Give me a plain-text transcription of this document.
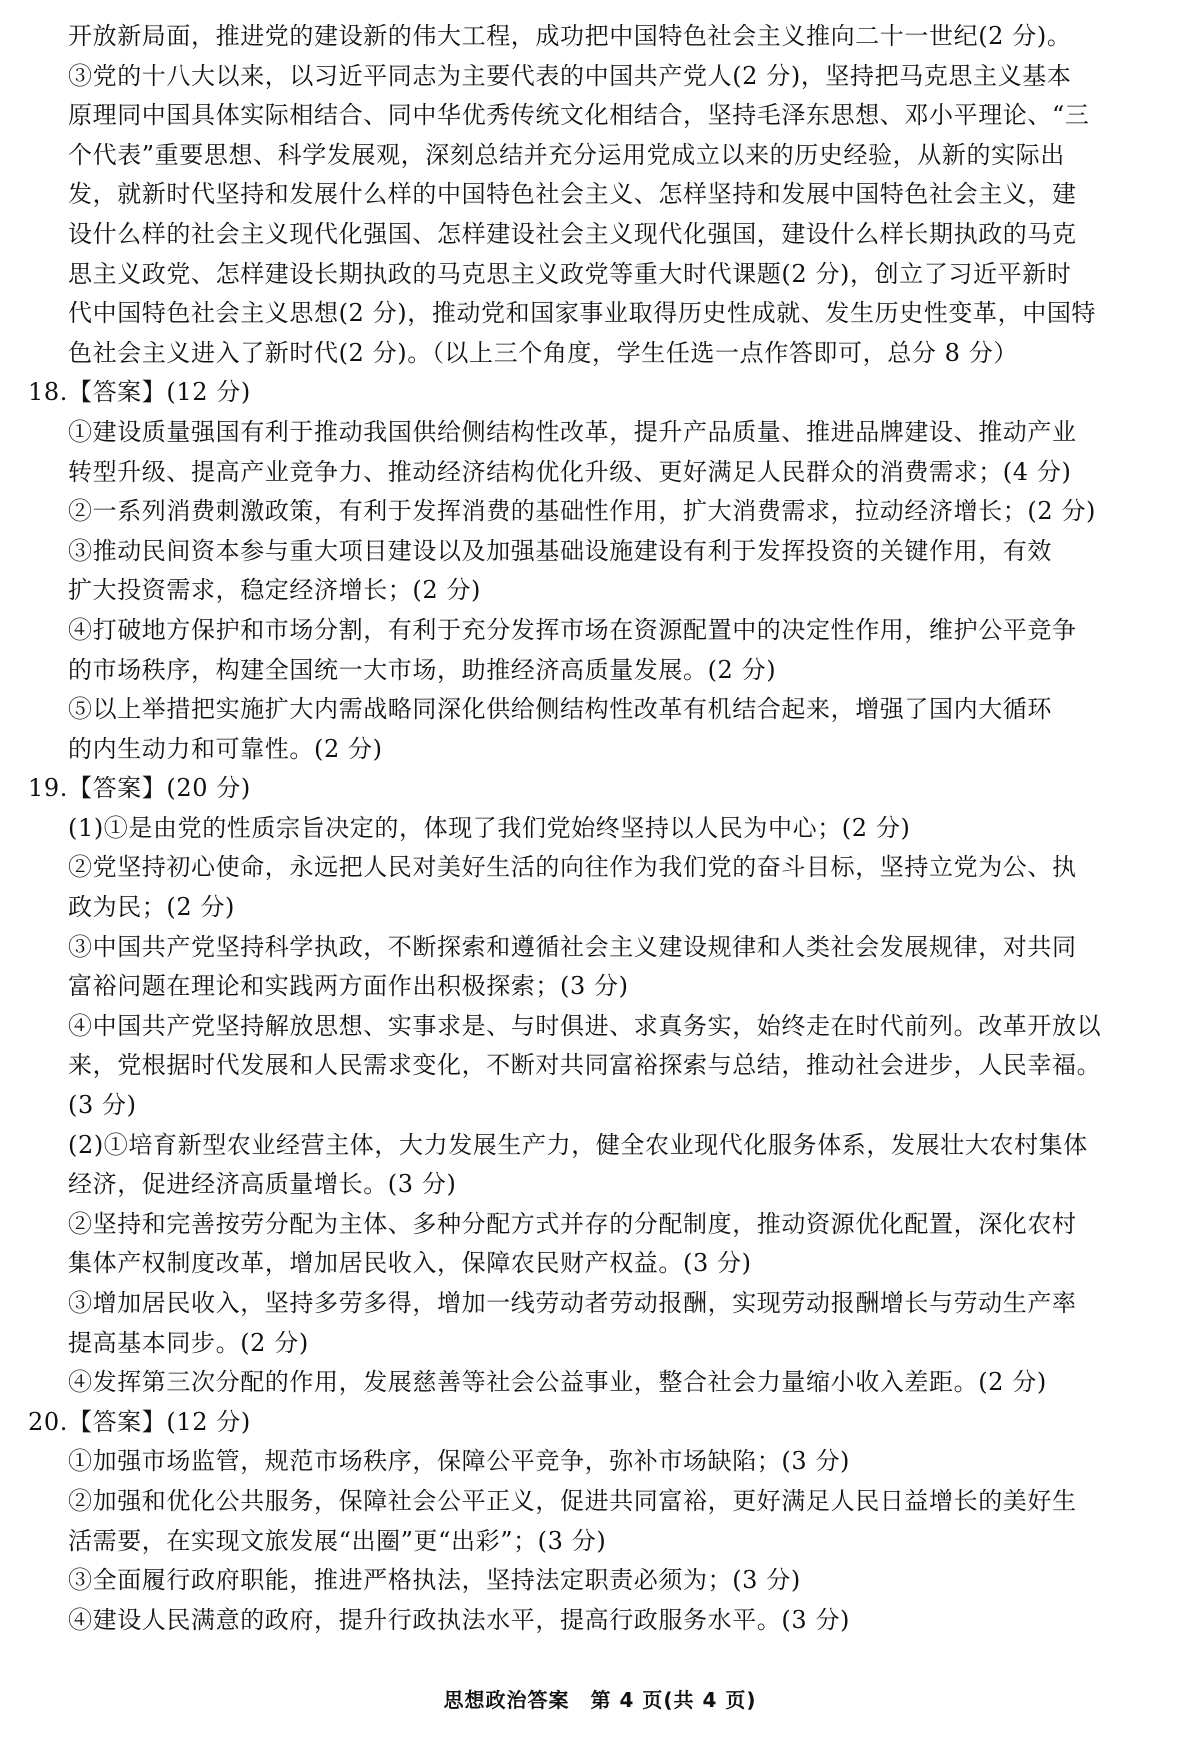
开放新局面，推进党的建设新的伟大工程，成功把中国特色社会主义推向二十一世纪(2 分)。
③党的十八大以来，以习近平同志为主要代表的中国共产党人(2 分)，坚持把马克思主义基本
原理同中国具体实际相结合、同中华优秀传统文化相结合，坚持毛泽东思想、邓小平理论、“三
个代表”重要思想、科学发展观，深刻总结并充分运用党成立以来的历史经验，从新的实际出
发，就新时代坚持和发展什么样的中国特色社会主义、怎样坚持和发展中国特色社会主义，建
设什么样的社会主义现代化强国、怎样建设社会主义现代化强国，建设什么样长期执政的马克
思主义政党、怎样建设长期执政的马克思主义政党等重大时代课题(2 分)，创立了习近平新时
代中国特色社会主义思想(2 分)，推动党和国家事业取得历史性成就、发生历史性变革，中国特
色社会主义进入了新时代(2 分)。（以上三个角度，学生任选一点作答即可，总分 8 分）
18.【答案】(12 分)
①建设质量强国有利于推动我国供给侧结构性改革，提升产品质量、推进品牌建设、推动产业
转型升级、提高产业竞争力、推动经济结构优化升级、更好满足人民群众的消费需求；(4 分)
②一系列消费刺激政策，有利于发挥消费的基础性作用，扩大消费需求，拉动经济增长；(2 分)
③推动民间资本参与重大项目建设以及加强基础设施建设有利于发挥投资的关键作用，有效
扩大投资需求，稳定经济增长；(2 分)
④打破地方保护和市场分割，有利于充分发挥市场在资源配置中的决定性作用，维护公平竞争
的市场秩序，构建全国统一大市场，助推经济高质量发展。(2 分)
⑤以上举措把实施扩大内需战略同深化供给侧结构性改革有机结合起来，增强了国内大循环
的内生动力和可靠性。(2 分)
19.【答案】(20 分)
(1)①是由党的性质宗旨决定的，体现了我们党始终坚持以人民为中心；(2 分)
②党坚持初心使命，永远把人民对美好生活的向往作为我们党的奋斗目标，坚持立党为公、执
政为民；(2 分)
③中国共产党坚持科学执政，不断探索和遵循社会主义建设规律和人类社会发展规律，对共同
富裕问题在理论和实践两方面作出积极探索；(3 分)
④中国共产党坚持解放思想、实事求是、与时俱进、求真务实，始终走在时代前列。改革开放以
来，党根据时代发展和人民需求变化，不断对共同富裕探索与总结，推动社会进步，人民幸福。
(3 分)
(2)①培育新型农业经营主体，大力发展生产力，健全农业现代化服务体系，发展壮大农村集体
经济，促进经济高质量增长。(3 分)
②坚持和完善按劳分配为主体、多种分配方式并存的分配制度，推动资源优化配置，深化农村
集体产权制度改革，增加居民收入，保障农民财产权益。(3 分)
③增加居民收入，坚持多劳多得，增加一线劳动者劳动报酬，实现劳动报酬增长与劳动生产率
提高基本同步。(2 分)
④发挥第三次分配的作用，发展慈善等社会公益事业，整合社会力量缩小收入差距。(2 分)
20.【答案】(12 分)
①加强市场监管，规范市场秩序，保障公平竞争，弥补市场缺陷；(3 分)
②加强和优化公共服务，保障社会公平正义，促进共同富裕，更好满足人民日益增长的美好生
活需要，在实现文旅发展“出圈”更“出彩”；(3 分)
③全面履行政府职能，推进严格执法，坚持法定职责必须为；(3 分)
④建设人民满意的政府，提升行政执法水平，提高行政服务水平。(3 分)
思想政治答案　第 4 页(共 4 页)
